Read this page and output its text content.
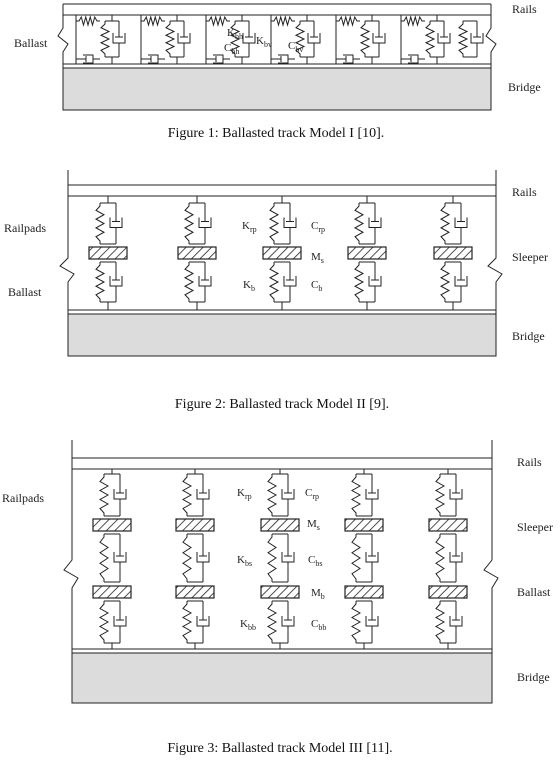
Rails
Ballast
Bridge
$K_{bh}$
$C_{bh}$
$K_{bv}$ $C_{bv}$
Figure 1: Ballasted track Model I [10].
Rails
Railpads
Sleeper
Ballast
Bridge
$K_{rp}$	$C_{rp}$
$M_s$
$K_b$	$C_b$
Figure 2: Ballasted track Model II [9].
Rails
Railpads
Sleeper
Ballast
Bridge
$K_{rp}$	$C_{rp}$
$M_s$
$K_{bs}$	$C_{bs}$
$M_b$
$K_{bb}$	$C_{bb}$
Figure 3: Ballasted track Model III [11].
